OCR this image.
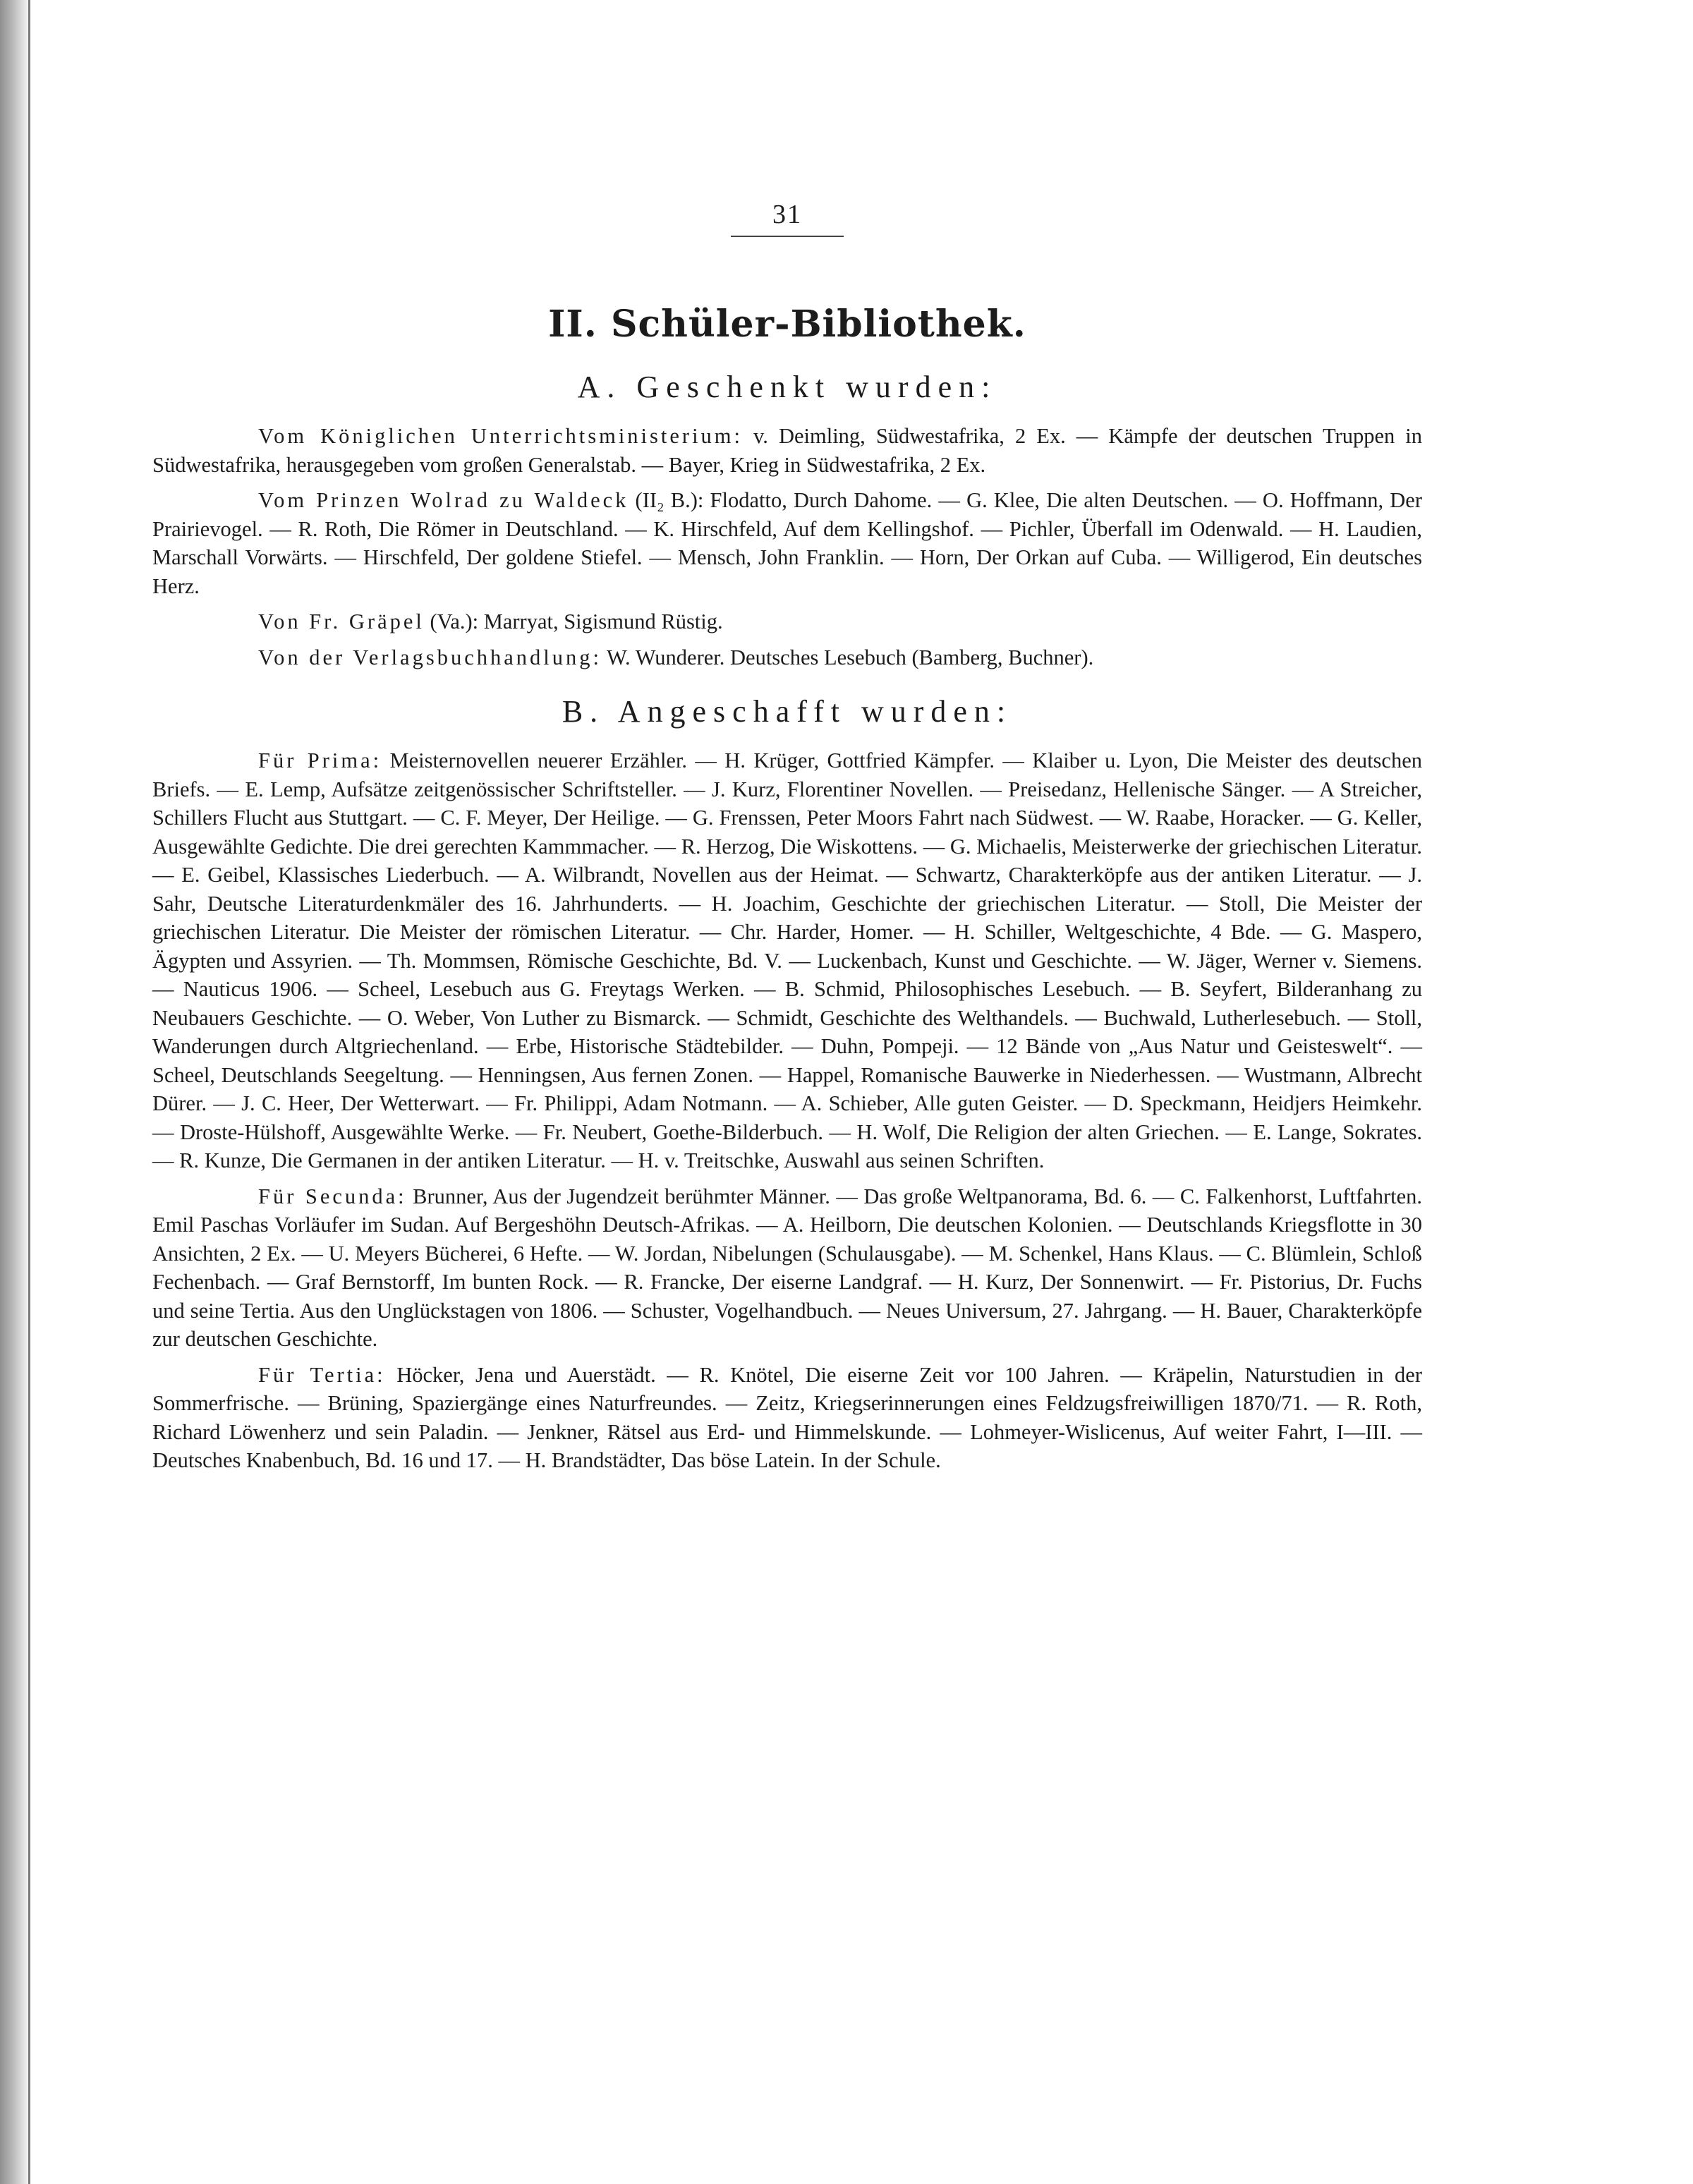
31
II. Schüler-Bibliothek.
A. Geschenkt wurden:

Vom Königlichen Unterrichtsministerium: v. Deimling, Südwestafrika, 2 Ex. — Kämpfe der deutschen Truppen in Südwestafrika, herausgegeben vom großen Generalstab. — Bayer, Krieg in Südwestafrika, 2 Ex.

Vom Prinzen Wolrad zu Waldeck (II₂ B.): Flodatto, Durch Dahome. — G. Klee, Die alten Deutschen. — O. Hoffmann, Der Prairievogel. — R. Roth, Die Römer in Deutschland. — K. Hirschfeld, Auf dem Kellingshof. — Pichler, Überfall im Odenwald. — H. Laudien, Marschall Vorwärts. — Hirschfeld, Der goldene Stiefel. — Mensch, John Franklin. — Horn, Der Orkan auf Cuba. — Willigerod, Ein deutsches Herz.

Von Fr. Gräpel (Va.): Marryat, Sigismund Rüstig.

Von der Verlagsbuchhandlung: W. Wunderer. Deutsches Lesebuch (Bamberg, Buchner).

B. Angeschafft wurden:

Für Prima: Meisternovellen neuerer Erzähler. — H. Krüger, Gottfried Kämpfer. — Klaiber u. Lyon, Die Meister des deutschen Briefs. — E. Lemp, Aufsätze zeitgenössischer Schriftsteller. — J. Kurz, Florentiner Novellen. — Preisedanz, Hellenische Sänger. — A Streicher, Schillers Flucht aus Stuttgart. — C. F. Meyer, Der Heilige. — G. Frenssen, Peter Moors Fahrt nach Südwest. — W. Raabe, Horacker. — G. Keller, Ausgewählte Gedichte. Die drei gerechten Kammmacher. — R. Herzog, Die Wiskottens. — G. Michaelis, Meisterwerke der griechischen Literatur. — E. Geibel, Klassisches Liederbuch. — A. Wilbrandt, Novellen aus der Heimat. — Schwartz, Charakterköpfe aus der antiken Literatur. — J. Sahr, Deutsche Literaturdenkmäler des 16. Jahrhunderts. — H. Joachim, Geschichte der griechischen Literatur. — Stoll, Die Meister der griechischen Literatur. Die Meister der römischen Literatur. — Chr. Harder, Homer. — H. Schiller, Weltgeschichte, 4 Bde. — G. Maspero, Ägypten und Assyrien. — Th. Mommsen, Römische Geschichte, Bd. V. — Luckenbach, Kunst und Geschichte. — W. Jäger, Werner v. Siemens. — Nauticus 1906. — Scheel, Lesebuch aus G. Freytags Werken. — B. Schmid, Philosophisches Lesebuch. — B. Seyfert, Bilderanhang zu Neubauers Geschichte. — O. Weber, Von Luther zu Bismarck. — Schmidt, Geschichte des Welthandels. — Buchwald, Lutherlesebuch. — Stoll, Wanderungen durch Altgriechenland. — Erbe, Historische Städtebilder. — Duhn, Pompeji. — 12 Bände von „Aus Natur und Geisteswelt“. — Scheel, Deutschlands Seegeltung. — Henningsen, Aus fernen Zonen. — Happel, Romanische Bauwerke in Niederhessen. — Wustmann, Albrecht Dürer. — J. C. Heer, Der Wetterwart. — Fr. Philippi, Adam Notmann. — A. Schieber, Alle guten Geister. — D. Speckmann, Heidjers Heimkehr. — Droste-Hülshoff, Ausgewählte Werke. — Fr. Neubert, Goethe-Bilderbuch. — H. Wolf, Die Religion der alten Griechen. — E. Lange, Sokrates. — R. Kunze, Die Germanen in der antiken Literatur. — H. v. Treitschke, Auswahl aus seinen Schriften.

Für Secunda: Brunner, Aus der Jugendzeit berühmter Männer. — Das große Weltpanorama, Bd. 6. — C. Falkenhorst, Luftfahrten. Emil Paschas Vorläufer im Sudan. Auf Bergeshöhn Deutsch-Afrikas. — A. Heilborn, Die deutschen Kolonien. — Deutschlands Kriegsflotte in 30 Ansichten, 2 Ex. — U. Meyers Bücherei, 6 Hefte. — W. Jordan, Nibelungen (Schulausgabe). — M. Schenkel, Hans Klaus. — C. Blümlein, Schloß Fechenbach. — Graf Bernstorff, Im bunten Rock. — R. Francke, Der eiserne Landgraf. — H. Kurz, Der Sonnenwirt. — Fr. Pistorius, Dr. Fuchs und seine Tertia. Aus den Unglückstagen von 1806. — Schuster, Vogelhandbuch. — Neues Universum, 27. Jahrgang. — H. Bauer, Charakterköpfe zur deutschen Geschichte.

Für Tertia: Höcker, Jena und Auerstädt. — R. Knötel, Die eiserne Zeit vor 100 Jahren. — Kräpelin, Naturstudien in der Sommerfrische. — Brüning, Spaziergänge eines Naturfreundes. — Zeitz, Kriegserinnerungen eines Feldzugsfreiwilligen 1870/71. — R. Roth, Richard Löwenherz und sein Paladin. — Jenkner, Rätsel aus Erd- und Himmelskunde. — Lohmeyer-Wislicenus, Auf weiter Fahrt, I—III. — Deutsches Knabenbuch, Bd. 16 und 17. — H. Brandstädter, Das böse Latein. In der Schule.
